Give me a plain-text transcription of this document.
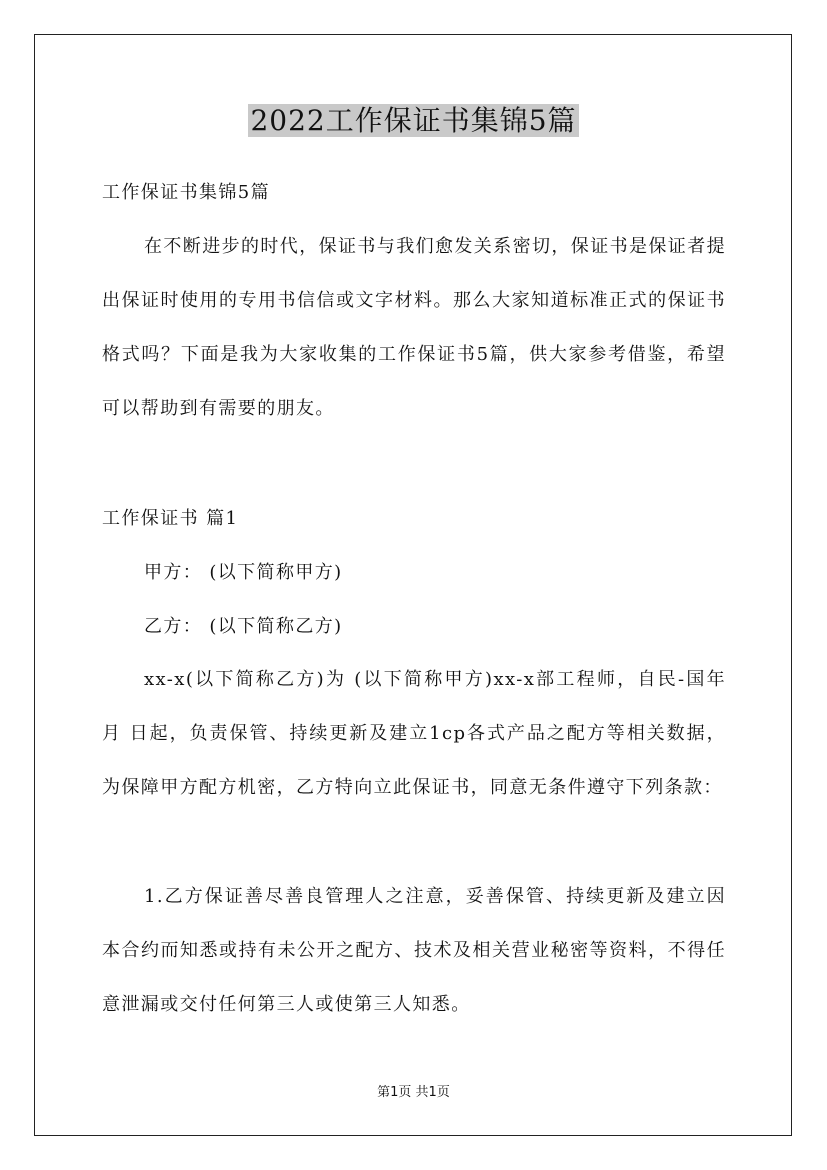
2022工作保证书集锦5篇
工作保证书集锦5篇
在不断进步的时代，保证书与我们愈发关系密切，保证书是保证者提出保证时使用的专用书信信或文字材料。那么大家知道标准正式的保证书格式吗？下面是我为大家收集的工作保证书5篇，供大家参考借鉴，希望可以帮助到有需要的朋友。
工作保证书 篇1
甲方： (以下简称甲方)
乙方： (以下简称乙方)
xx-x(以下简称乙方)为 (以下简称甲方)xx-x部工程师，自民-国年 月 日起，负责保管、持续更新及建立1cp各式产品之配方等相关数据，为保障甲方配方机密，乙方特向立此保证书，同意无条件遵守下列条款：
1.乙方保证善尽善良管理人之注意，妥善保管、持续更新及建立因本合约而知悉或持有未公开之配方、技术及相关营业秘密等资料，不得任意泄漏或交付任何第三人或使第三人知悉。
第1页 共1页
